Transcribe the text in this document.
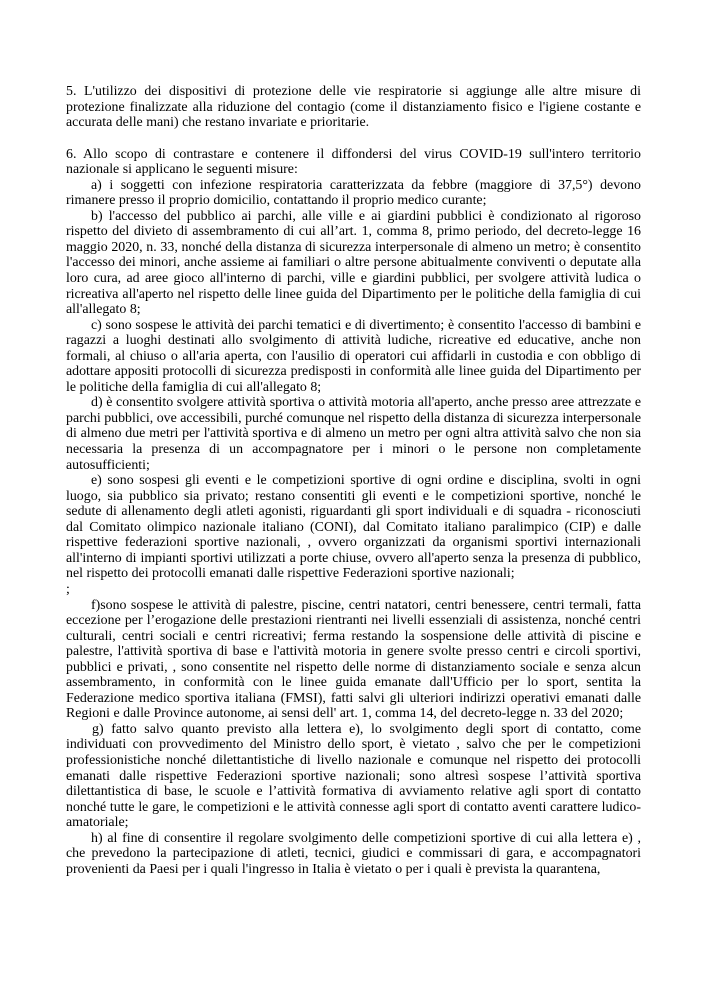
5. L'utilizzo dei dispositivi di protezione delle vie respiratorie si aggiunge alle altre misure di protezione finalizzate alla riduzione del contagio (come il distanziamento fisico e l'igiene costante e accurata delle mani) che restano invariate e prioritarie.

6. Allo scopo di contrastare e contenere il diffondersi del virus COVID-19 sull'intero territorio nazionale si applicano le seguenti misure:

a) i soggetti con infezione respiratoria caratterizzata da febbre (maggiore di 37,5°) devono rimanere presso il proprio domicilio, contattando il proprio medico curante;

b) l'accesso del pubblico ai parchi, alle ville e ai giardini pubblici è condizionato al rigoroso rispetto del divieto di assembramento di cui all’art. 1, comma 8, primo periodo, del decreto-legge 16 maggio 2020, n. 33, nonché della distanza di sicurezza interpersonale di almeno un metro; è consentito l'accesso dei minori, anche assieme ai familiari o altre persone abitualmente conviventi o deputate alla loro cura, ad aree gioco all'interno di parchi, ville e giardini pubblici, per svolgere attività ludica o ricreativa all'aperto nel rispetto delle linee guida del Dipartimento per le politiche della famiglia di cui all'allegato 8;

c) sono sospese le attività dei parchi tematici e di divertimento; è consentito l'accesso di bambini e ragazzi a luoghi destinati allo svolgimento di attività ludiche, ricreative ed educative, anche non formali, al chiuso o all'aria aperta, con l'ausilio di operatori cui affidarli in custodia e con obbligo di adottare appositi protocolli di sicurezza predisposti in conformità alle linee guida del Dipartimento per le politiche della famiglia di cui all'allegato 8;

d) è consentito svolgere attività sportiva o attività motoria all'aperto, anche presso aree attrezzate e parchi pubblici, ove accessibili, purché comunque nel rispetto della distanza di sicurezza interpersonale di almeno due metri per l'attività sportiva e di almeno un metro per ogni altra attività salvo che non sia necessaria la presenza di un accompagnatore per i minori o le persone non completamente autosufficienti;

e) sono sospesi gli eventi e le competizioni sportive di ogni ordine e disciplina, svolti in ogni luogo, sia pubblico sia privato; restano consentiti gli eventi e le competizioni sportive, nonché le sedute di allenamento degli atleti agonisti, riguardanti gli sport individuali e di squadra - riconosciuti dal Comitato olimpico nazionale italiano (CONI), dal Comitato italiano paralimpico (CIP) e dalle rispettive federazioni sportive nazionali, , ovvero organizzati da organismi sportivi internazionali all'interno di impianti sportivi utilizzati a porte chiuse, ovvero all'aperto senza la presenza di pubblico, nel rispetto dei protocolli emanati dalle rispettive Federazioni sportive nazionali;

;

f)sono sospese le attività di palestre, piscine, centri natatori, centri benessere, centri termali, fatta eccezione per l’erogazione delle prestazioni rientranti nei livelli essenziali di assistenza, nonché centri culturali, centri sociali e centri ricreativi; ferma restando la sospensione delle attività di piscine e palestre, l'attività sportiva di base e l'attività motoria in genere svolte presso centri e circoli sportivi, pubblici e privati, , sono consentite nel rispetto delle norme di distanziamento sociale e senza alcun assembramento, in conformità con le linee guida emanate dall'Ufficio per lo sport, sentita la Federazione medico sportiva italiana (FMSI), fatti salvi gli ulteriori indirizzi operativi emanati dalle Regioni e dalle Province autonome, ai sensi dell' art. 1, comma 14, del decreto-legge n. 33 del 2020;

g) fatto salvo quanto previsto alla lettera e), lo svolgimento degli sport di contatto, come individuati con provvedimento del Ministro dello sport, è vietato , salvo che per le competizioni professionistiche nonché dilettantistiche di livello nazionale e comunque nel rispetto dei protocolli emanati dalle rispettive Federazioni sportive nazionali; sono altresì sospese l’attività sportiva dilettantistica di base, le scuole e l’attività formativa di avviamento relative agli sport di contatto nonché tutte le gare, le competizioni e le attività connesse agli sport di contatto aventi carattere ludico-amatoriale;

h) al fine di consentire il regolare svolgimento delle competizioni sportive di cui alla lettera e) , che prevedono la partecipazione di atleti, tecnici, giudici e commissari di gara, e accompagnatori provenienti da Paesi per i quali l'ingresso in Italia è vietato o per i quali è prevista la quarantena,
